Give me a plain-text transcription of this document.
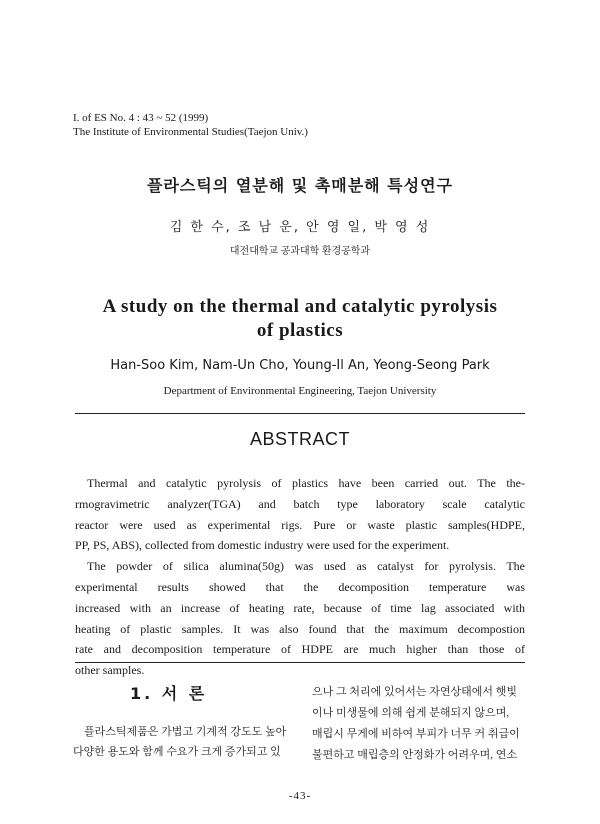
I. of ES No. 4 : 43 ~ 52 (1999)
The Institute of Environmental Studies(Taejon Univ.)
플라스틱의 열분해 및 촉매분해 특성연구
김 한 수, 조 남 운, 안 영 일, 박 영 성
대전대학교 공과대학 환경공학과
A study on the thermal and catalytic pyrolysis
of plastics
Han-Soo Kim, Nam-Un Cho, Young-Il An, Yeong-Seong Park
Department of Environmental Engineering, Taejon University
ABSTRACT
Thermal and catalytic pyrolysis of plastics have been carried out. The the-
rmogravimetric analyzer(TGA) and batch type laboratory scale catalytic
reactor were used as experimental rigs. Pure or waste plastic samples(HDPE,
PP, PS, ABS), collected from domestic industry were used for the experiment.
The powder of silica alumina(50g) was used as catalyst for pyrolysis. The
experimental results showed that the decomposition temperature was
increased with an increase of heating rate, because of time lag associated with
heating of plastic samples. It was also found that the maximum decompostion
rate and decomposition temperature of HDPE are much higher than those of
other samples.
1. 서 론
플라스틱제품은 가볍고 기계적 강도도 높아
다양한 용도와 함께 수요가 크게 증가되고 있
으나 그 처리에 있어서는 자연상태에서 햇빛
이나 미생물에 의해 쉽게 분해되지 않으며,
매립시 무게에 비하여 부피가 너무 커 취급이
불편하고 매립층의 안정화가 어려우며, 연소
-43-
